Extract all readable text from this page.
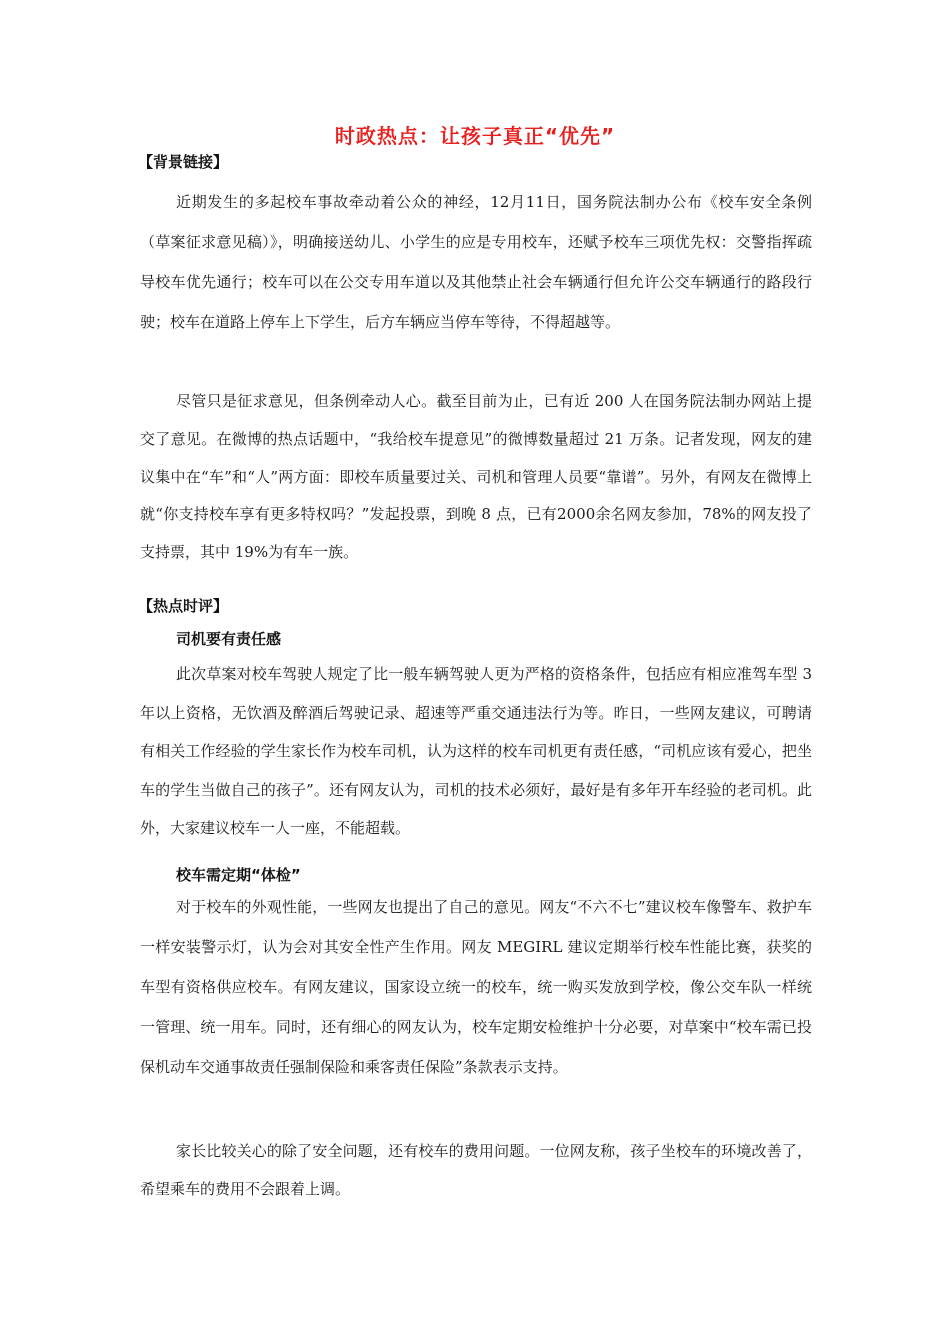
时政热点：让孩子真正“优先”
【背景链接】

近期发生的多起校车事故牵动着公众的神经，12月11日，国务院法制办公布《校车安全条例（草案征求意见稿）》，明确接送幼儿、小学生的应是专用校车，还赋予校车三项优先权：交警指挥疏导校车优先通行；校车可以在公交专用车道以及其他禁止社会车辆通行但允许公交车辆通行的路段行驶；校车在道路上停车上下学生，后方车辆应当停车等待，不得超越等。

尽管只是征求意见，但条例牵动人心。截至目前为止，已有近 200 人在国务院法制办网站上提交了意见。在微博的热点话题中，“我给校车提意见”的微博数量超过 21 万条。记者发现，网友的建议集中在“车”和“人”两方面：即校车质量要过关、司机和管理人员要“靠谱”。另外，有网友在微博上就“你支持校车享有更多特权吗？”发起投票，到晚 8 点，已有2000余名网友参加，78%的网友投了支持票，其中 19%为有车一族。

【热点时评】
司机要有责任感

此次草案对校车驾驶人规定了比一般车辆驾驶人更为严格的资格条件，包括应有相应准驾车型 3 年以上资格，无饮酒及醉酒后驾驶记录、超速等严重交通违法行为等。昨日，一些网友建议，可聘请有相关工作经验的学生家长作为校车司机，认为这样的校车司机更有责任感，“司机应该有爱心，把坐车的学生当做自己的孩子”。还有网友认为，司机的技术必须好，最好是有多年开车经验的老司机。此外，大家建议校车一人一座，不能超载。

校车需定期“体检”

对于校车的外观性能，一些网友也提出了自己的意见。网友“不六不七”建议校车像警车、救护车一样安装警示灯，认为会对其安全性产生作用。网友 MEGIRL 建议定期举行校车性能比赛，获奖的车型有资格供应校车。有网友建议，国家设立统一的校车，统一购买发放到学校，像公交车队一样统一管理、统一用车。同时，还有细心的网友认为，校车定期安检维护十分必要，对草案中“校车需已投保机动车交通事故责任强制保险和乘客责任保险”条款表示支持。

家长比较关心的除了安全问题，还有校车的费用问题。一位网友称，孩子坐校车的环境改善了，希望乘车的费用不会跟着上调。
